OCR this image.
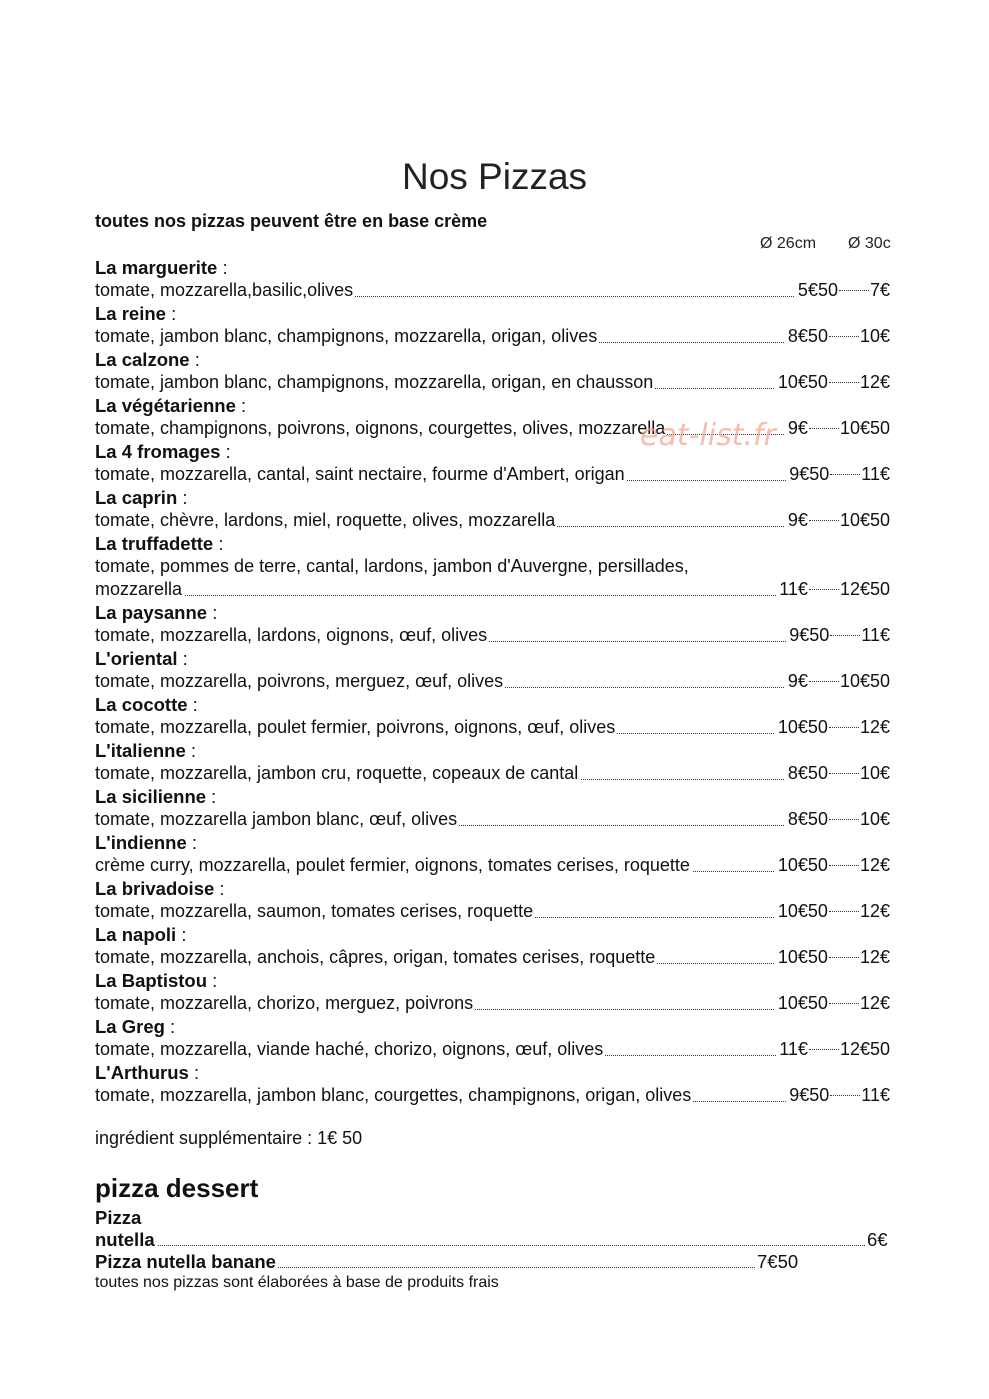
Nos Pizzas
toutes nos pizzas peuvent être en base crème
Ø 26cm Ø 30c
La marguerite :
tomate, mozzarella,basilic,olives	5€50 7€
La reine :
tomate, jambon blanc, champignons, mozzarella, origan, olives	8€50 10€
La calzone :
tomate, jambon blanc, champignons, mozzarella, origan, en chausson	10€50 12€
La végétarienne :
tomate, champignons, poivrons, oignons, courgettes, olives, mozzarella	9€ 10€50
La 4 fromages :
tomate, mozzarella, cantal, saint nectaire, fourme d'Ambert, origan	9€50 11€
La caprin :
tomate, chèvre, lardons, miel, roquette, olives, mozzarella	9€ 10€50
La truffadette :
tomate, pommes de terre, cantal, lardons, jambon d'Auvergne, persillades,
mozzarella	11€ 12€50
La paysanne :
tomate, mozzarella, lardons, oignons, œuf, olives	9€50 11€
L'oriental :
tomate, mozzarella, poivrons, merguez, œuf, olives	9€ 10€50
La cocotte :
tomate, mozzarella, poulet fermier, poivrons, oignons, œuf, olives	10€50 12€
L'italienne :
tomate, mozzarella, jambon cru, roquette, copeaux de cantal	8€50 10€
La sicilienne :
tomate, mozzarella jambon blanc, œuf, olives	8€50 10€
L'indienne :
crème curry, mozzarella, poulet fermier, oignons, tomates cerises, roquette	10€50 12€
La brivadoise :
tomate, mozzarella, saumon, tomates cerises, roquette	10€50 12€
La napoli :
tomate, mozzarella, anchois, câpres, origan, tomates cerises, roquette	10€50 12€
La Baptistou :
tomate, mozzarella, chorizo, merguez, poivrons	10€50 12€
La Greg :
tomate, mozzarella, viande haché, chorizo, oignons, œuf, olives	11€ 12€50
L'Arthurus :
tomate, mozzarella, jambon blanc, courgettes, champignons, origan, olives	9€50 11€
ingrédient supplémentaire : 1€ 50
pizza dessert
Pizza
nutella	6€
Pizza nutella banane	7€50
toutes nos pizzas sont élaborées à base de produits frais
eat-list.fr
